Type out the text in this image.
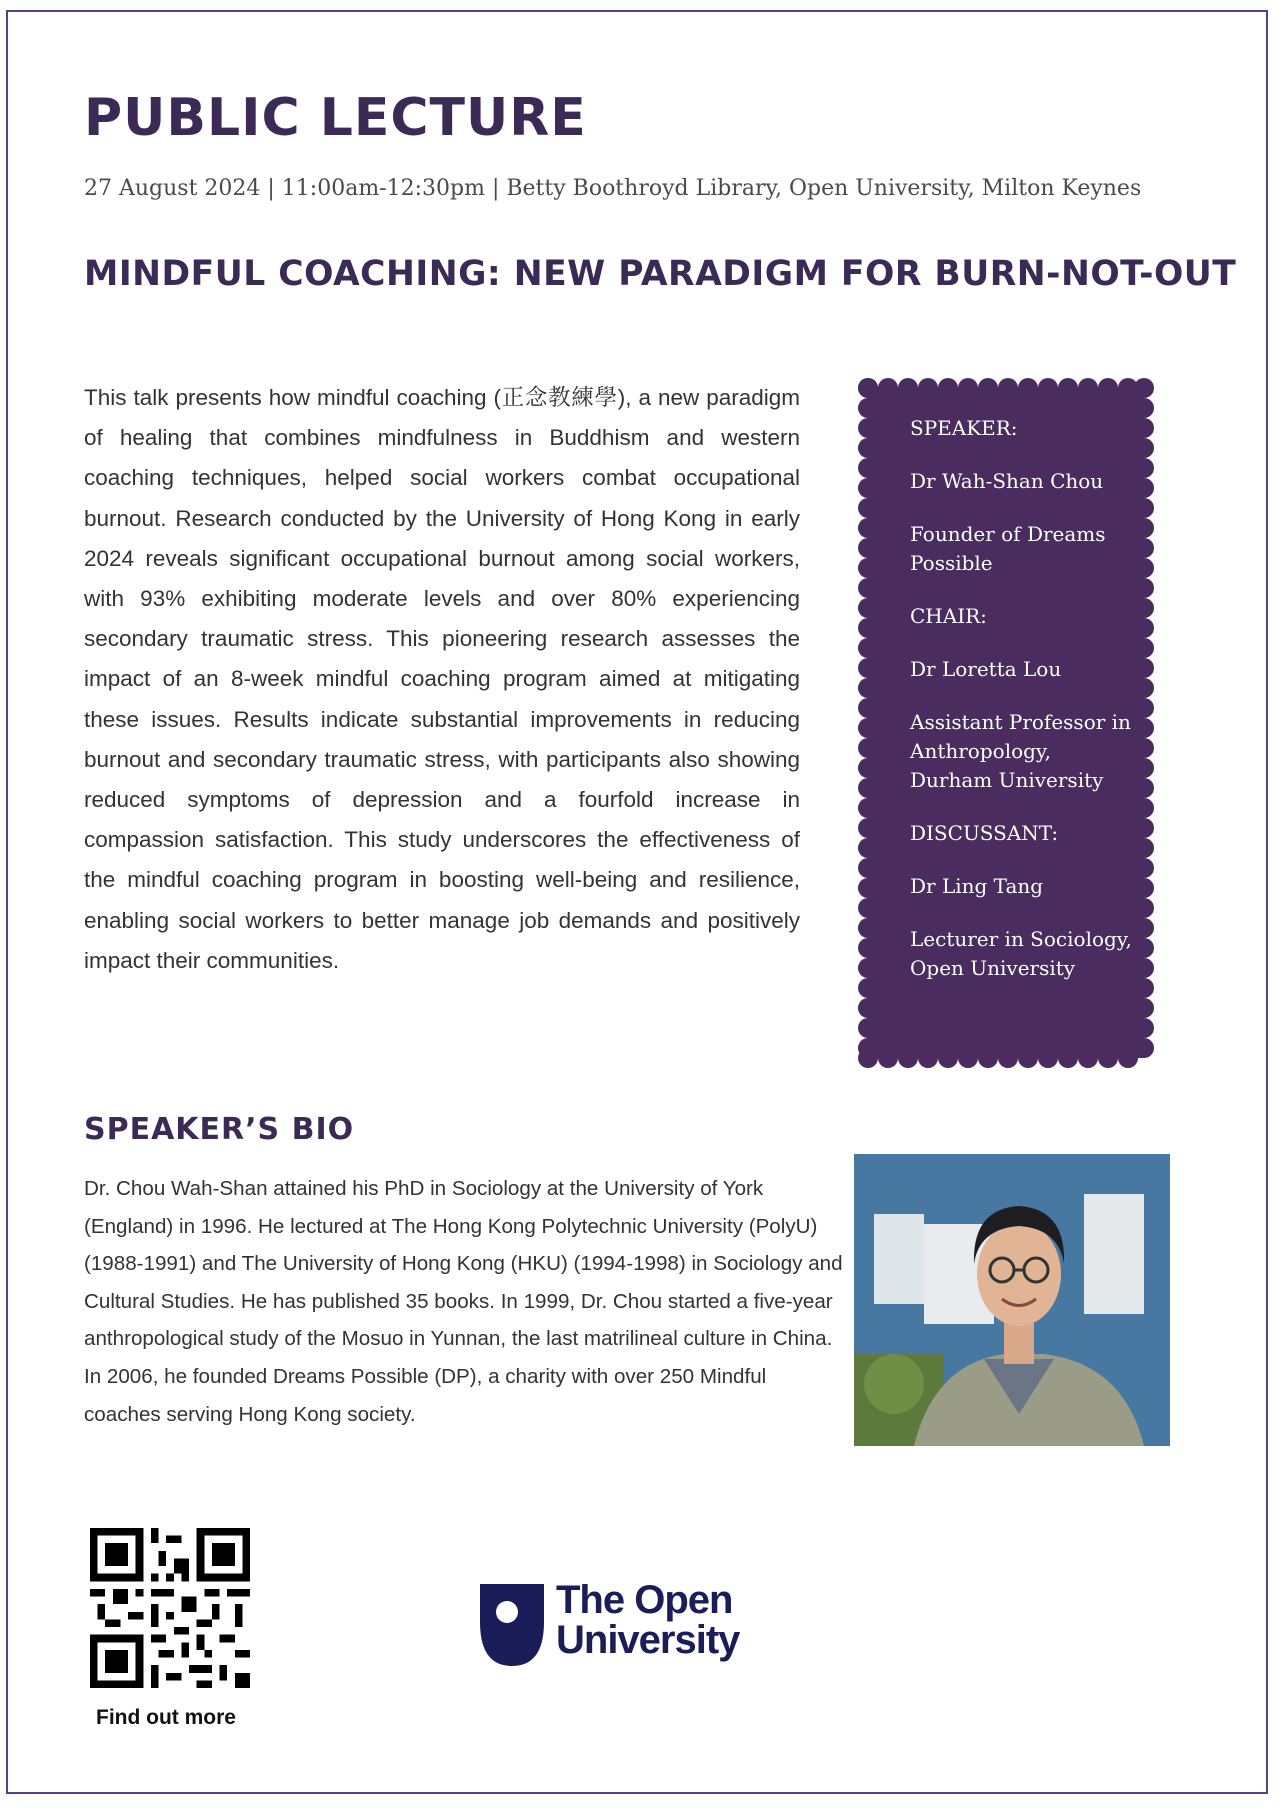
PUBLIC LECTURE
27 August 2024 | 11:00am-12:30pm | Betty Boothroyd Library, Open University, Milton Keynes
MINDFUL COACHING: NEW PARADIGM FOR BURN-NOT-OUT

This talk presents how mindful coaching (正念教練學), a new paradigm of healing that combines mindfulness in Buddhism and western coaching techniques, helped social workers combat occupational burnout. Research conducted by the University of Hong Kong in early 2024 reveals significant occupational burnout among social workers, with 93% exhibiting moderate levels and over 80% experiencing secondary traumatic stress. This pioneering research assesses the impact of an 8-week mindful coaching program aimed at mitigating these issues. Results indicate substantial improvements in reducing burnout and secondary traumatic stress, with participants also showing reduced symptoms of depression and a fourfold increase in compassion satisfaction. This study underscores the effectiveness of the mindful coaching program in boosting well-being and resilience, enabling social workers to better manage job demands and positively impact their communities.

SPEAKER:

Dr Wah-Shan Chou

Founder of Dreams Possible

CHAIR:

Dr Loretta Lou

Assistant Professor in Anthropology, Durham University

DISCUSSANT:

Dr Ling Tang

Lecturer in Sociology, Open University

SPEAKER’S BIO

Dr. Chou Wah-Shan attained his PhD in Sociology at the University of York (England) in 1996. He lectured at The Hong Kong Polytechnic University (PolyU) (1988-1991) and The University of Hong Kong (HKU) (1994-1998) in Sociology and Cultural Studies. He has published 35 books. In 1999, Dr. Chou started a five-year anthropological study of the Mosuo in Yunnan, the last matrilineal culture in China. In 2006, he founded Dreams Possible (DP), a charity with over 250 Mindful coaches serving Hong Kong society.

Find out more
The Open
University
